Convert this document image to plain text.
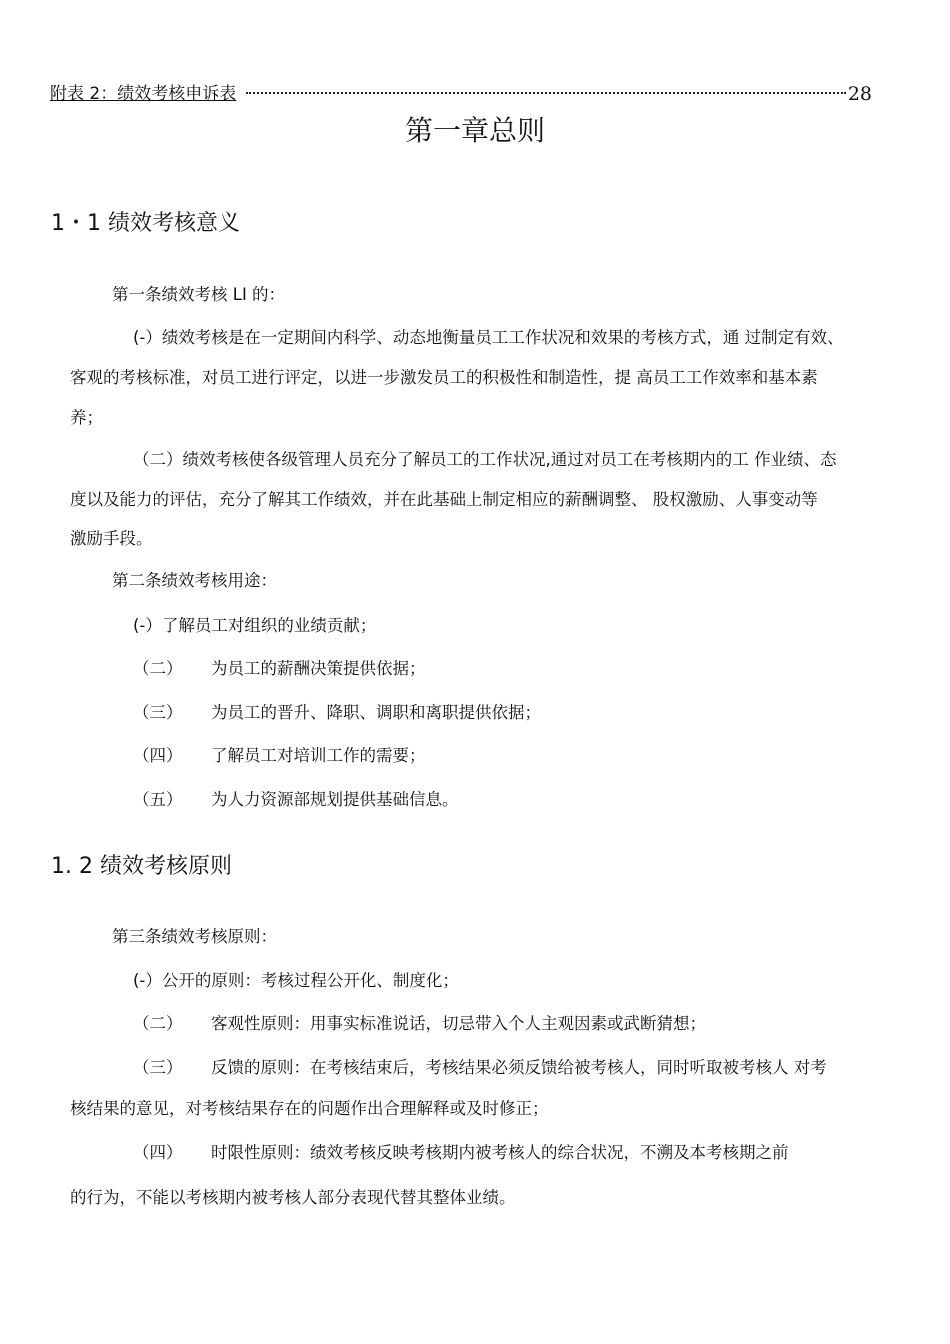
附表 2：绩效考核申诉表	28
第一章总则
1・1 绩效考核意义
第一条绩效考核 LI 的：
(-）绩效考核是在一定期间内科学、动态地衡量员工工作状况和效果的考核方式，通 过制定有效、
客观的考核标准，对员工进行评定，以进一步激发员工的积极性和制造性，提 高员工工作效率和基本素
养；
（二）绩效考核使各级管理人员充分了解员工的工作状况,通过对员工在考核期内的工 作业绩、态
度以及能力的评估，充分了解其工作绩效，并在此基础上制定相应的薪酬调整、 股权激励、人事变动等
激励手段。
第二条绩效考核用途：
(-）了解员工对组织的业绩贡献；
（二） 为员工的薪酬决策提供依据；
（三） 为员工的晋升、降职、调职和离职提供依据；
（四） 了解员工对培训工作的需要；
（五） 为人力资源部规划提供基础信息。
1. 2 绩效考核原则
第三条绩效考核原则：
(-）公开的原则：考核过程公开化、制度化；
（二） 客观性原则：用事实标准说话，切忌带入个人主观因素或武断猜想；
（三） 反馈的原则：在考核结束后，考核结果必须反馈给被考核人，同时听取被考核人 对考
核结果的意见，对考核结果存在的问题作出合理解释或及时修正；
（四） 时限性原则：绩效考核反映考核期内被考核人的综合状况，不溯及本考核期之前
的行为，不能以考核期内被考核人部分表现代替其整体业绩。
